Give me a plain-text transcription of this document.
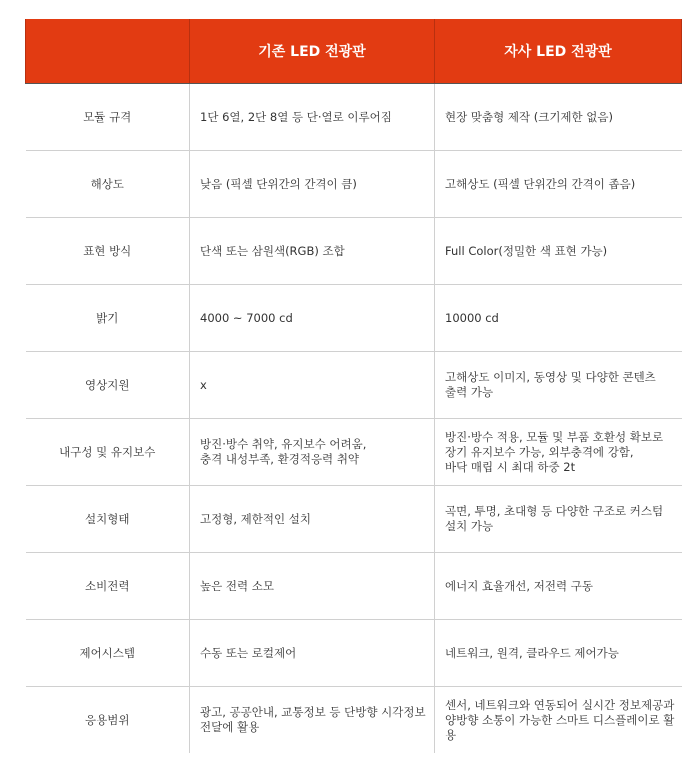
	기존 LED 전광판	자사 LED 전광판
모듈 규격	1단 6열, 2단 8열 등 단·열로 이루어짐	현장 맞춤형 제작 (크기제한 없음)

해상도	낮음 (픽셀 단위간의 간격이 큼)	고해상도 (픽셀 단위간의 간격이 좁음)

표현 방식	단색 또는 삼원색(RGB) 조합	Full Color(정밀한 색 표현 가능)

밝기	4000 ~ 7000 cd	10000 cd

영상지원	x	고해상도 이미지, 동영상 및 다양한 콘텐츠
출력 가능

내구성 및 유지보수	방진·방수 취약, 유지보수 어려움,
충격 내성부족, 환경적응력 취약	방진·방수 적용, 모듈 및 부품 호환성 확보로
장기 유지보수 가능, 외부충격에 강함,
바닥 매립 시 최대 하중 2t

설치형태	고정형, 제한적인 설치	곡면, 투명, 초대형 등 다양한 구조로 커스텀
설치 가능

소비전력	높은 전력 소모	에너지 효율개선, 저전력 구동

제어시스템	수동 또는 로컬제어	네트워크, 원격, 클라우드 제어가능

응용범위	광고, 공공안내, 교통정보 등 단방향 시각정보
전달에 활용	센서, 네트워크와 연동되어 실시간 정보제공과
양방향 소통이 가능한 스마트 디스플레이로 활용
